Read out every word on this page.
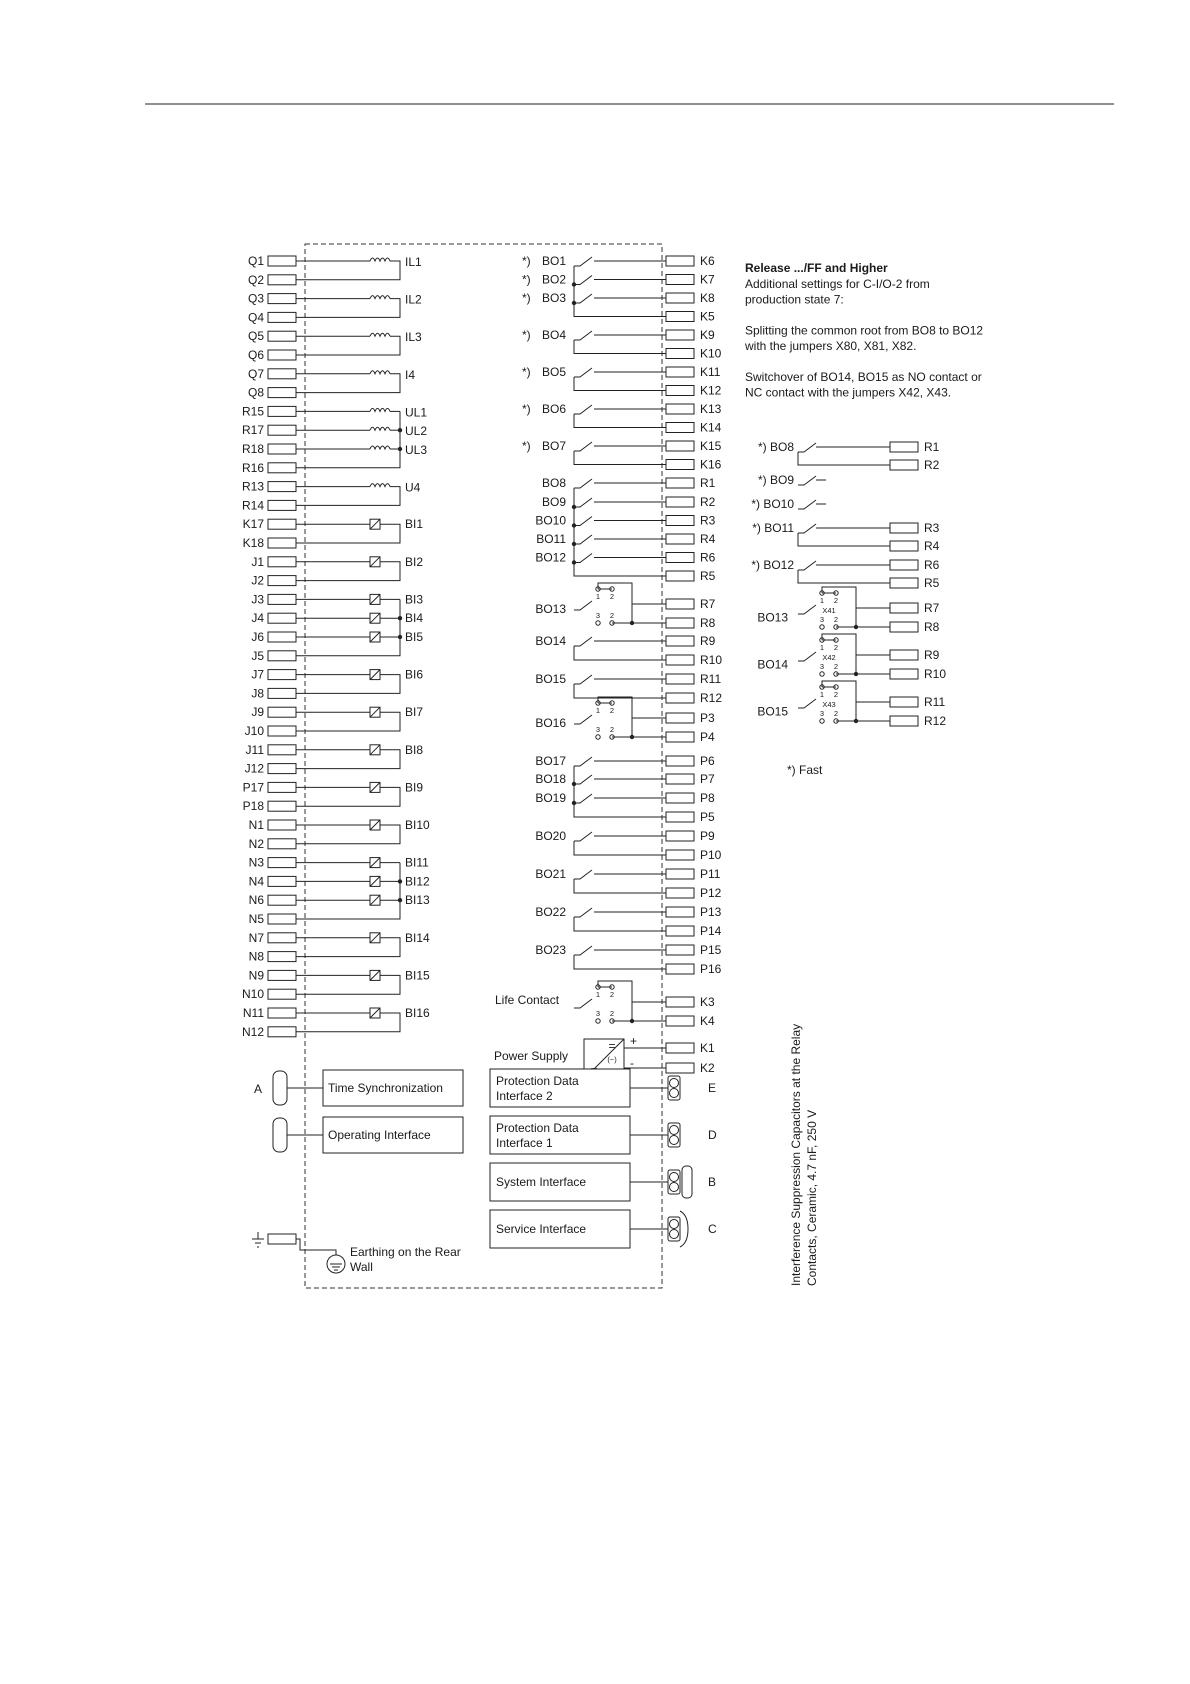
Q1
Q2
Q3
Q4
Q5
Q6
Q7
Q8
R15
R17
R18
R16
R13
R14
K17
K18
J1
J2
J3
J4
J6
J5
J7
J8
J9
J10
J11
J12
P17
P18
N1
N2
N3
N4
N6
N5
N7
N8
N9
N10
N11
N12
IL1
IL2
IL3
I4
UL1
UL2
UL3
U4
BI1
BI2
BI3
BI4
BI5
BI6
BI7
BI8
BI9
BI10
BI11
BI12
BI13
BI14
BI15
BI16
K6
K7
K8
K5
K9
K10
K11
K12
K13
K14
K15
K16
R1
R2
R3
R4
R6
R5
R7
R8
R9
R10
R11
R12
P3
P4
P6
P7
P8
P5
P9
P10
P11
P12
P13
P14
P15
P16
*) BO1
*) BO2
*) BO3
*) BO4
*) BO5
*) BO6
*) BO7
BO8
BO9
BO10
BO11
BO12
BO13
1 2
3 2
BO14
BO15
BO16
1 2
3 2
BO17
BO18
BO19
BO20
BO21
BO22
BO23
Life Contact	1 2
3 2
K3
K4
Power Supply
=
(~)
K1
K2
+
-
Time Synchronization
A
Operating Interface
Protection Data
Interface 2
E
Protection Data
Interface 1
D
System Interface	B
Service Interface	C
Earthing on the Rear
Wall
Release .../FF and Higher
Additional settings for C-I/O-2 from
production state 7:
Splitting the common root from BO8 to BO12
with the jumpers X80, X81, X82.
Switchover of BO14, BO15 as NO contact or
NC contact with the jumpers X42, X43.
*) BO8	R1
R2
*) BO9
*) BO10
*) BO11	R3
R4
*) BO12	R6
R5
BO13
1 2
3 2
X41	R7
R8
BO14
1 2
3 2
X42	R9
R10
BO15
1 2
3 2
X43	R11
R12
*) Fast
Interference Suppression Capacitors at the Relay Contacts, Ceramic, 4.7 nF, 250 V
